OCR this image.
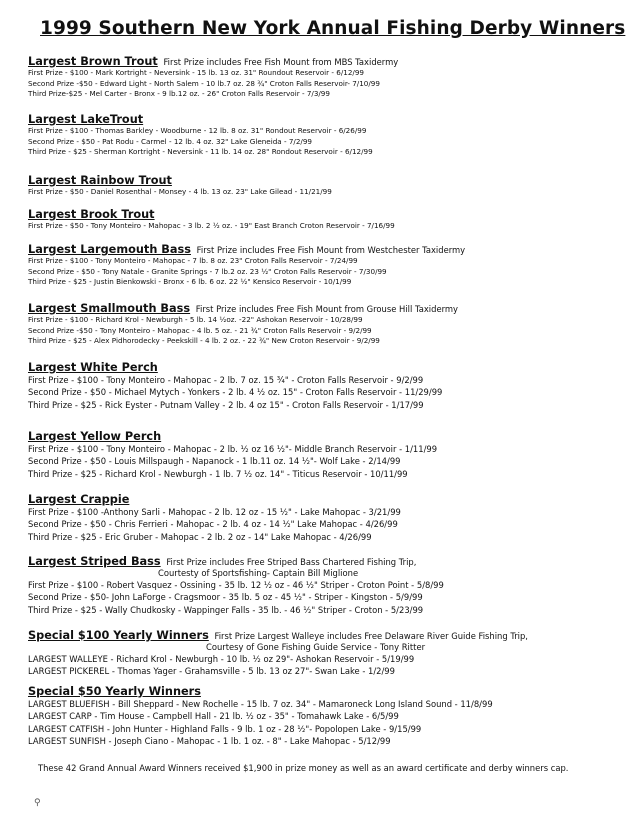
1999 Southern New York Annual Fishing Derby Winners
Largest Brown Trout First Prize includes Free Fish Mount from MBS Taxidermy
First Prize - $100 - Mark Kortright - Neversink - 15 lb. 13 oz. 31" Roundout Reservoir - 6/12/99
Second Prize -$50 - Edward Light - North Salem - 10 lb.7 oz. 28 ¾" Croton Falls Reservoir- 7/10/99
Third Prize-$25 - Mel Carter - Bronx - 9 lb.12 oz. - 26" Croton Falls Reservoir - 7/3/99
Largest LakeTrout
First Prize - $100 - Thomas Barkley - Woodburne - 12 lb. 8 oz. 31" Rondout Reservoir - 6/26/99
Second Prize - $50 - Pat Rodu - Carmel - 12 lb. 4 oz. 32" Lake Gleneida - 7/2/99
Third Prize - $25 - Sherman Kortright - Neversink - 11 lb. 14 oz. 28" Rondout Reservoir - 6/12/99
Largest Rainbow Trout
First Prize - $50 - Daniel Rosenthal - Monsey - 4 lb. 13 oz. 23" Lake Gilead - 11/21/99
Largest Brook Trout
First Prize - $50 - Tony Monteiro - Mahopac - 3 lb. 2 ½ oz. - 19" East Branch Croton Reservoir - 7/16/99
Largest Largemouth Bass First Prize includes Free Fish Mount from Westchester Taxidermy
First Prize - $100 - Tony Monteiro - Mahopac - 7 lb. 8 oz. 23" Croton Falls Reservoir - 7/24/99
Second Prize - $50 - Tony Natale - Granite Springs - 7 lb.2 oz. 23 ½" Croton Falls Reservoir - 7/30/99
Third Prize - $25 - Justin Bienkowski - Bronx - 6 lb. 6 oz. 22 ½" Kensico Reservoir - 10/1/99
Largest Smallmouth Bass First Prize includes Free Fish Mount from Grouse Hill Taxidermy
First Prize - $100 - Richard Krol - Newburgh - 5 lb. 14 ½oz. -22" Ashokan Reservoir - 10/28/99
Second Prize -$50 - Tony Monteiro - Mahopac - 4 lb. 5 oz. - 21 ¾" Croton Falls Reservoir - 9/2/99
Third Prize - $25 - Alex Pidhorodecky - Peekskill - 4 lb. 2 oz. - 22 ¾" New Croton Reservoir - 9/2/99
Largest White Perch
First Prize - $100 - Tony Monteiro - Mahopac - 2 lb. 7 oz. 15 ¾" - Croton Falls Reservoir - 9/2/99
Second Prize - $50 - Michael Mytych - Yonkers - 2 lb. 4 ½ oz. 15" - Croton Falls Reservoir - 11/29/99
Third Prize - $25 - Rick Eyster - Putnam Valley - 2 lb. 4 oz 15" - Croton Falls Reservoir - 1/17/99
Largest Yellow Perch
First Prize - $100 - Tony Monteiro - Mahopac - 2 lb. ½ oz 16 ½"- Middle Branch Reservoir - 1/11/99
Second Prize - $50 - Louis Millspaugh - Napanock - 1 lb.11 oz. 14 ½"- Wolf Lake - 2/14/99
Third Prize - $25 - Richard Krol - Newburgh - 1 lb. 7 ½ oz. 14" - Titicus Reservoir - 10/11/99
Largest Crappie
First Prize - $100 -Anthony Sarli - Mahopac - 2 lb. 12 oz - 15 ½" - Lake Mahopac - 3/21/99
Second Prize - $50 - Chris Ferrieri - Mahopac - 2 lb. 4 oz - 14 ½" Lake Mahopac - 4/26/99
Third Prize - $25 - Eric Gruber - Mahopac - 2 lb. 2 oz - 14" Lake Mahopac - 4/26/99
Largest Striped Bass First Prize includes Free Striped Bass Chartered Fishing Trip,
Courtesty of Sportsfishing- Captain Bill Miglione
First Prize - $100 - Robert Vasquez - Ossining - 35 lb. 12 ½ oz - 46 ½" Striper - Croton Point - 5/8/99
Second Prize - $50- John LaForge - Cragsmoor - 35 lb. 5 oz - 45 ½" - Striper - Kingston - 5/9/99
Third Prize - $25 - Wally Chudkosky - Wappinger Falls - 35 lb. - 46 ½" Striper - Croton - 5/23/99
Special $100 Yearly Winners First Prize Largest Walleye includes Free Delaware River Guide Fishing Trip,
Courtesy of Gone Fishing Guide Service - Tony Ritter
LARGEST WALLEYE - Richard Krol - Newburgh - 10 lb. ½ oz 29"- Ashokan Reservoir - 5/19/99
LARGEST PICKEREL - Thomas Yager - Grahamsville - 5 lb. 13 oz 27"- Swan Lake - 1/2/99
Special $50 Yearly Winners
LARGEST BLUEFISH - Bill Sheppard - New Rochelle - 15 lb. 7 oz. 34" - Mamaroneck Long Island Sound - 11/8/99
LARGEST CARP - Tim House - Campbell Hall - 21 lb. ½ oz - 35" - Tomahawk Lake - 6/5/99
LARGEST CATFISH - John Hunter - Highland Falls - 9 lb. 1 oz - 28 ½"- Popolopen Lake - 9/15/99
LARGEST SUNFISH - Joseph Ciano - Mahopac - 1 lb. 1 oz. - 8" - Lake Mahopac - 5/12/99
These 42 Grand Annual Award Winners received $1,900 in prize money as well as an award certificate and derby winners cap.
⚲
